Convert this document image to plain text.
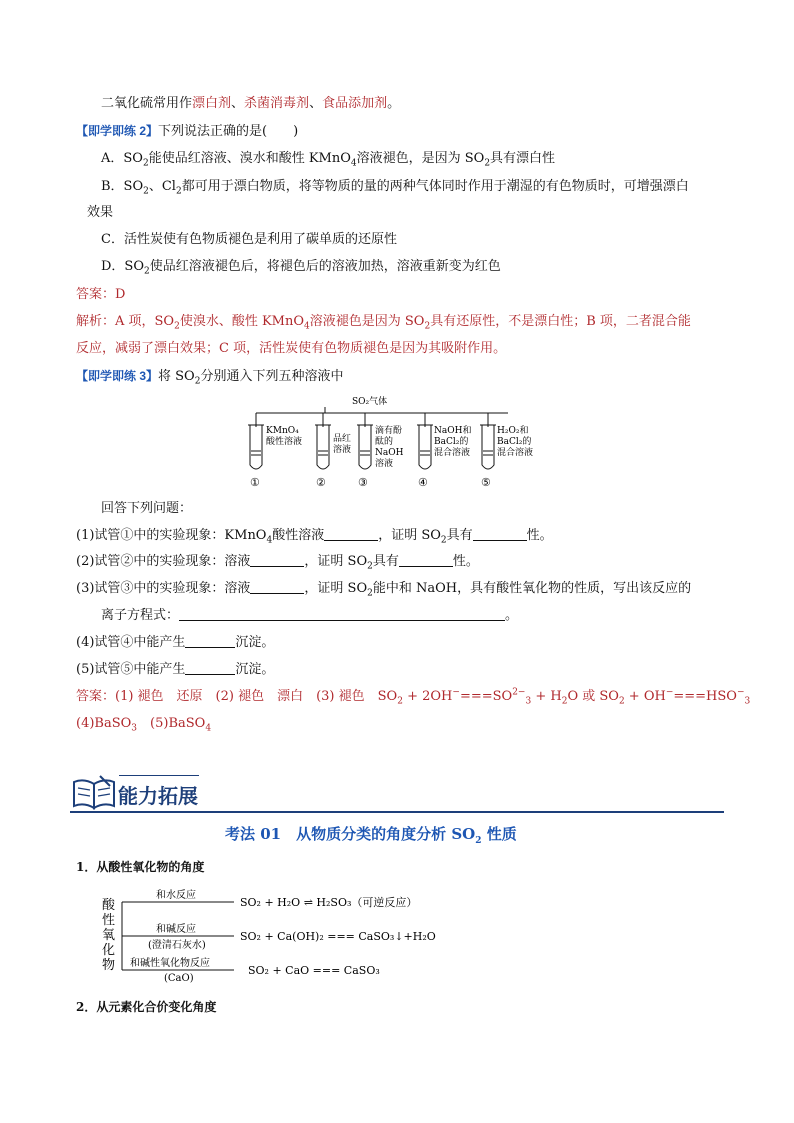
二氧化硫常用作漂白剂、杀菌消毒剂、食品添加剂。
【即学即练 2】下列说法正确的是(　　)
A．$SO_2$能使品红溶液、溴水和酸性 KMnO$_4$溶液褪色，是因为 $SO_2$具有漂白性
B．$SO_2$、$Cl_2$都可用于漂白物质，将等物质的量的两种气体同时作用于潮湿的有色物质时，可增强漂白
效果
C．活性炭使有色物质褪色是利用了碳单质的还原性
D．$SO_2$使品红溶液褪色后，将褪色后的溶液加热，溶液重新变为红色
答案：D
解析：A 项，$SO_2$使溴水、酸性 KMnO$_4$溶液褪色是因为 $SO_2$具有还原性，不是漂白性；B 项，二者混合能
反应，减弱了漂白效果；C 项，活性炭使有色物质褪色是因为其吸附作用。
【即学即练 3】将 $SO_2$分别通入下列五种溶液中
SO₂气体
KMnO₄
酸性溶液
①
品红
溶液
②
滴有酚
酞的
NaOH
溶液
③
NaOH和
BaCl₂的
混合溶液
④
H₂O₂和
BaCl₂的
混合溶液
⑤
回答下列问题：
(1)试管①中的实验现象：KMnO$_4$酸性溶液	，证明 $SO_2$具有	性。
(2)试管②中的实验现象：溶液	，证明 $SO_2$具有	性。
(3)试管③中的实验现象：溶液	，证明 $SO_2$能中和 NaOH，具有酸性氧化物的性质，写出该反应的
离子方程式：	。
(4)试管④中能产生	沉淀。
(5)试管⑤中能产生	沉淀。
答案：(1) 褪色　还原　(2) 褪色　漂白　(3) 褪色　$SO_2 + 2OH^-===SO^{2-}_3 + H_2O$ 或 $SO_2 + OH^-===HSO^-_3$
(4)BaSO$_3$　(5)BaSO$_4$
能力拓展
考法 01　从物质分类的角度分析 $SO_2$ 性质
1．从酸性氧化物的角度
酸
性
氧
化
物
和水反应
SO₂ + H₂O ⇌ H₂SO₃（可逆反应）
和碱反应
(澄清石灰水)
SO₂ + Ca(OH)₂ === CaSO₃↓+H₂O
和碱性氧化物反应
(CaO)
SO₂ + CaO === CaSO₃
2．从元素化合价变化角度
